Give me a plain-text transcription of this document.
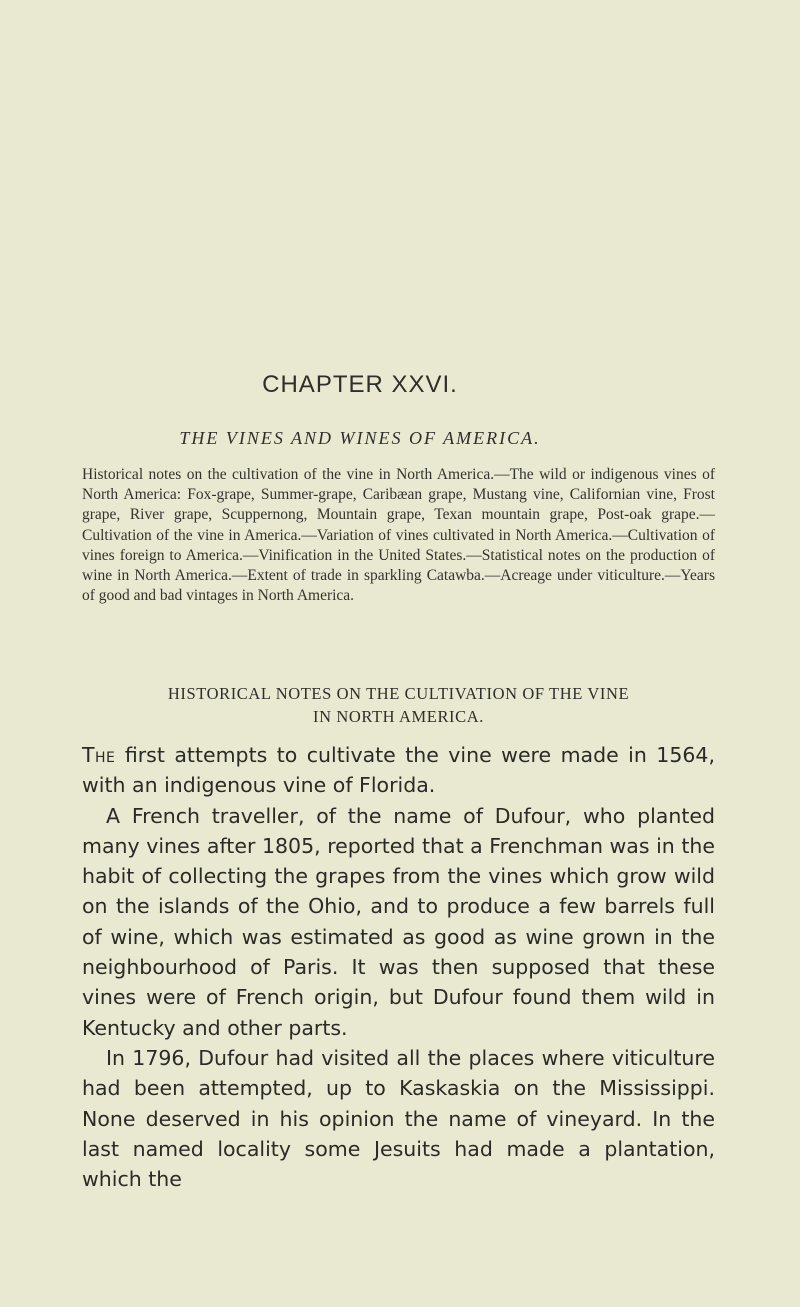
CHAPTER XXVI.
THE VINES AND WINES OF AMERICA.
Historical notes on the cultivation of the vine in North America.—The wild or indigenous vines of North America: Fox-grape, Summer-grape, Caribæan grape, Mustang vine, Californian vine, Frost grape, River grape, Scuppernong, Mountain grape, Texan mountain grape, Post-oak grape.—Cultivation of the vine in America.—Variation of vines cultivated in North America.—Cultivation of vines foreign to America.—Vinification in the United States.—Statistical notes on the production of wine in North America.—Extent of trade in sparkling Catawba.—Acreage under viticulture.—Years of good and bad vintages in North America.
HISTORICAL NOTES ON THE CULTIVATION OF THE VINE
IN NORTH AMERICA.

The first attempts to cultivate the vine were made in 1564, with an indigenous vine of Florida.

A French traveller, of the name of Dufour, who planted many vines after 1805, reported that a Frenchman was in the habit of collecting the grapes from the vines which grow wild on the islands of the Ohio, and to produce a few barrels full of wine, which was estimated as good as wine grown in the neighbourhood of Paris. It was then supposed that these vines were of French origin, but Dufour found them wild in Kentucky and other parts.

In 1796, Dufour had visited all the places where viticulture had been attempted, up to Kaskaskia on the Mississippi. None deserved in his opinion the name of vineyard. In the last named locality some Jesuits had made a plantation, which the
